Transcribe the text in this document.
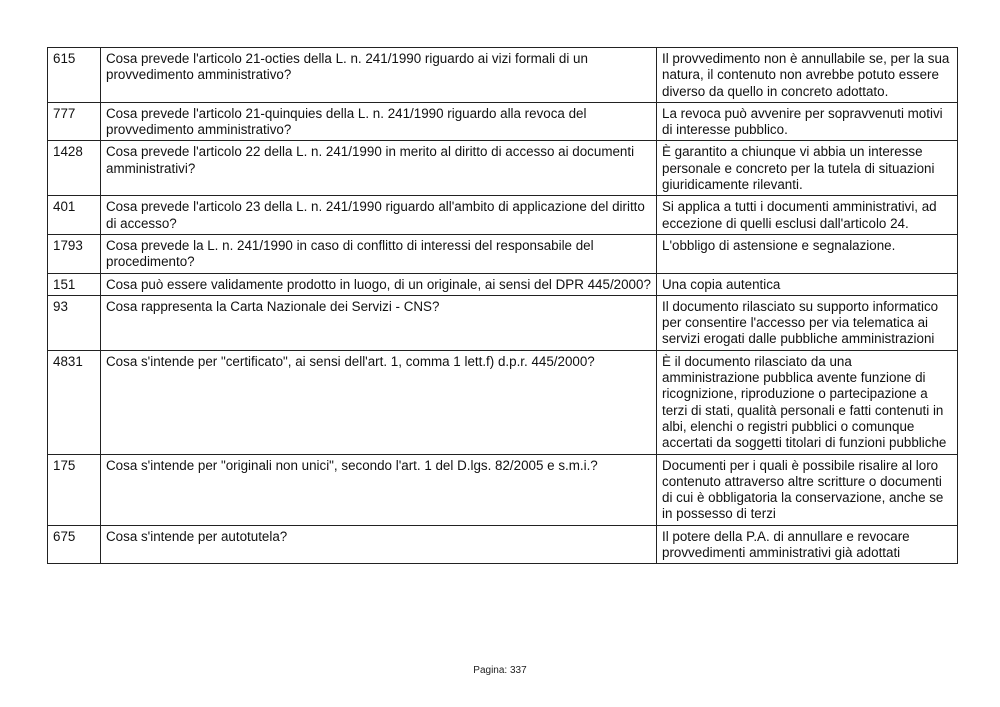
615	Cosa prevede l'articolo 21-octies della L. n. 241/1990 riguardo ai vizi formali di un provvedimento amministrativo?	Il provvedimento non è annullabile se, per la sua natura, il contenuto non avrebbe potuto essere diverso da quello in concreto adottato.
777	Cosa prevede l'articolo 21-quinquies della L. n. 241/1990 riguardo alla revoca del provvedimento amministrativo?	La revoca può avvenire per sopravvenuti motivi di interesse pubblico.
1428	Cosa prevede l'articolo 22 della L. n. 241/1990 in merito al diritto di accesso ai documenti amministrativi?	È garantito a chiunque vi abbia un interesse personale e concreto per la tutela di situazioni giuridicamente rilevanti.
401	Cosa prevede l'articolo 23 della L. n. 241/1990 riguardo all'ambito di applicazione del diritto di accesso?	Si applica a tutti i documenti amministrativi, ad eccezione di quelli esclusi dall'articolo 24.
1793	Cosa prevede la L. n. 241/1990 in caso di conflitto di interessi del responsabile del procedimento?	L'obbligo di astensione e segnalazione.
151	Cosa può essere validamente prodotto in luogo, di un originale, ai sensi del DPR 445/2000?	Una copia autentica
93	Cosa rappresenta la Carta Nazionale dei Servizi - CNS?	Il documento rilasciato su supporto informatico per consentire l'accesso per via telematica ai servizi erogati dalle pubbliche amministrazioni
4831	Cosa s'intende per "certificato", ai sensi dell'art. 1, comma 1 lett.f) d.p.r. 445/2000?	È il documento rilasciato da una amministrazione pubblica avente funzione di ricognizione, riproduzione o partecipazione a terzi di stati, qualità personali e fatti contenuti in albi, elenchi o registri pubblici o comunque accertati da soggetti titolari di funzioni pubbliche
175	Cosa s'intende per "originali non unici", secondo l'art. 1 del D.lgs. 82/2005 e s.m.i.?	Documenti per i quali è possibile risalire al loro contenuto attraverso altre scritture o documenti di cui è obbligatoria la conservazione, anche se in possesso di terzi
675	Cosa s'intende per autotutela?	Il potere della P.A. di annullare e revocare provvedimenti amministrativi già adottati
Pagina: 337
